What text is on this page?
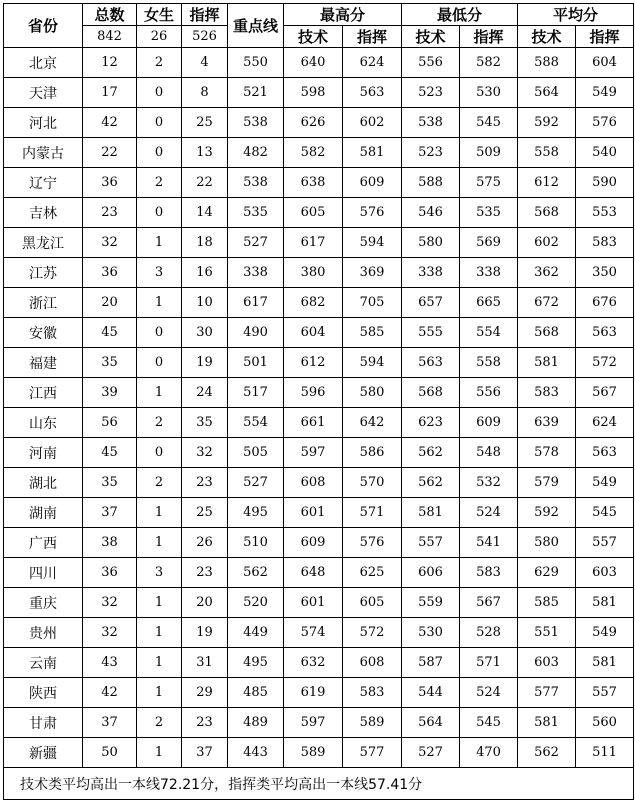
省份	总数	女生	指挥	重点线	最高分		最低分		平均分	
	842	26	526		技术	指挥	技术	指挥	技术	指挥
北京	12	2	4	550	640	624	556	582	588	604
天津	17	0	8	521	598	563	523	530	564	549
河北	42	0	25	538	626	602	538	545	592	576
内蒙古	22	0	13	482	582	581	523	509	558	540
辽宁	36	2	22	538	638	609	588	575	612	590
吉林	23	0	14	535	605	576	546	535	568	553
黑龙江	32	1	18	527	617	594	580	569	602	583
江苏	36	3	16	338	380	369	338	338	362	350
浙江	20	1	10	617	682	705	657	665	672	676
安徽	45	0	30	490	604	585	555	554	568	563
福建	35	0	19	501	612	594	563	558	581	572
江西	39	1	24	517	596	580	568	556	583	567
山东	56	2	35	554	661	642	623	609	639	624
河南	45	0	32	505	597	586	562	548	578	563
湖北	35	2	23	527	608	570	562	532	579	549
湖南	37	1	25	495	601	571	581	524	592	545
广西	38	1	26	510	609	576	557	541	580	557
四川	36	3	23	562	648	625	606	583	629	603
重庆	32	1	20	520	601	605	559	567	585	581
贵州	32	1	19	449	574	572	530	528	551	549
云南	43	1	31	495	632	608	587	571	603	581
陕西	42	1	29	485	619	583	544	524	577	557
甘肃	37	2	23	489	597	589	564	545	581	560
新疆	50	1	37	443	589	577	527	470	562	511
技术类平均高出一本线72.21分，指挥类平均高出一本线57.41分										
